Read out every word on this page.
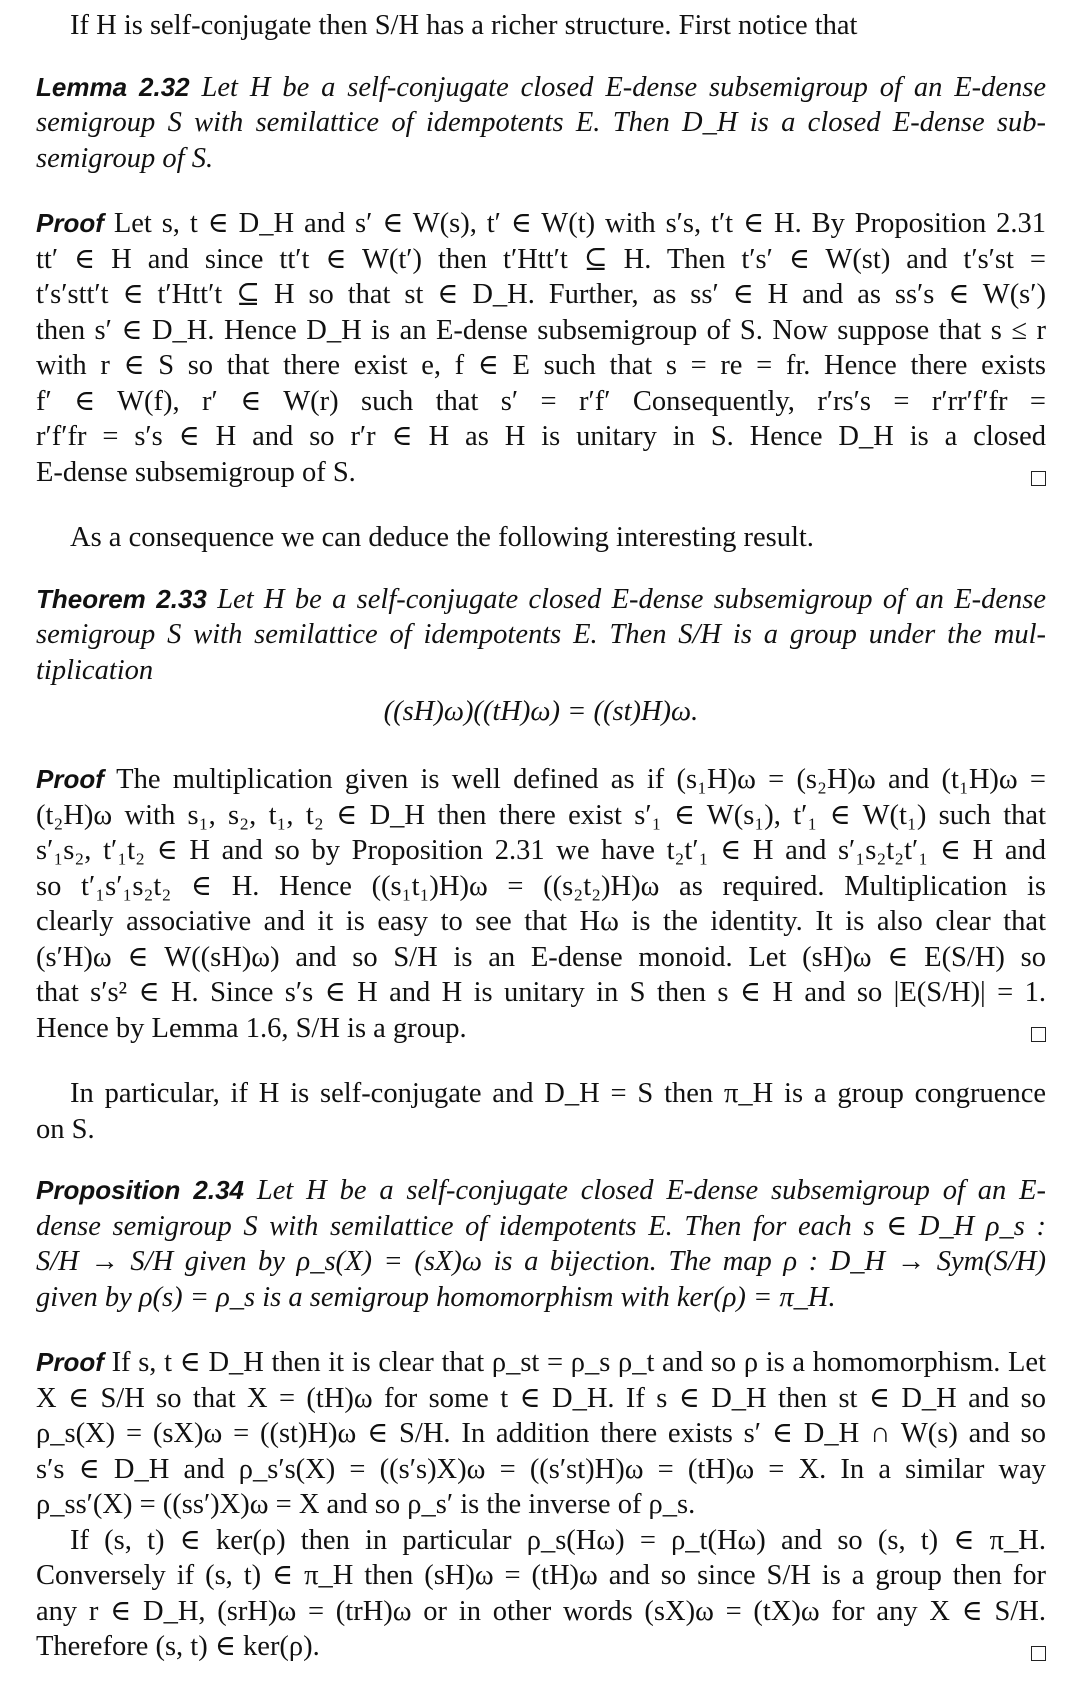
If H is self-conjugate then S/H has a richer structure. First notice that

Lemma 2.32 Let H be a self-conjugate closed E-dense subsemigroup of an E-dense
semigroup S with semilattice of idempotents E. Then D_H is a closed E-dense sub-
semigroup of S.
Proof Let s, t ∈ D_H and s′ ∈ W(s), t′ ∈ W(t) with s′s, t′t ∈ H. By Proposition 2.31
tt′ ∈ H and since tt′t ∈ W(t′) then t′Htt′t ⊆ H. Then t′s′ ∈ W(st) and t′s′st =
t′s′stt′t ∈ t′Htt′t ⊆ H so that st ∈ D_H. Further, as ss′ ∈ H and as ss′s ∈ W(s′)
then s′ ∈ D_H. Hence D_H is an E-dense subsemigroup of S. Now suppose that s ≤ r
with r ∈ S so that there exist e, f ∈ E such that s = re = fr. Hence there exists
f′ ∈ W(f), r′ ∈ W(r) such that s′ = r′f′ Consequently, r′rs′s = r′rr′f′fr =
r′f′fr = s′s ∈ H and so r′r ∈ H as H is unitary in S. Hence D_H is a closed
E-dense subsemigroup of S.

As a consequence we can deduce the following interesting result.

Theorem 2.33 Let H be a self-conjugate closed E-dense subsemigroup of an E-dense
semigroup S with semilattice of idempotents E. Then S/H is a group under the mul-
tiplication
((sH)ω)((tH)ω) = ((st)H)ω.
Proof The multiplication given is well defined as if (s₁H)ω = (s₂H)ω and (t₁H)ω =
(t₂H)ω with s₁, s₂, t₁, t₂ ∈ D_H then there exist s′₁ ∈ W(s₁), t′₁ ∈ W(t₁) such that
s′₁s₂, t′₁t₂ ∈ H and so by Proposition 2.31 we have t₂t′₁ ∈ H and s′₁s₂t₂t′₁ ∈ H and
so t′₁s′₁s₂t₂ ∈ H. Hence ((s₁t₁)H)ω = ((s₂t₂)H)ω as required. Multiplication is
clearly associative and it is easy to see that Hω is the identity. It is also clear that
(s′H)ω ∈ W((sH)ω) and so S/H is an E-dense monoid. Let (sH)ω ∈ E(S/H) so
that s′s² ∈ H. Since s′s ∈ H and H is unitary in S then s ∈ H and so |E(S/H)| = 1.
Hence by Lemma 1.6, S/H is a group.
In particular, if H is self-conjugate and D_H = S then π_H is a group congruence
on S.
Proposition 2.34 Let H be a self-conjugate closed E-dense subsemigroup of an E-
dense semigroup S with semilattice of idempotents E. Then for each s ∈ D_H ρ_s :
S/H → S/H given by ρ_s(X) = (sX)ω is a bijection. The map ρ : D_H → Sym(S/H)
given by ρ(s) = ρ_s is a semigroup homomorphism with ker(ρ) = π_H.
Proof If s, t ∈ D_H then it is clear that ρ_st = ρ_s ρ_t and so ρ is a homomorphism. Let
X ∈ S/H so that X = (tH)ω for some t ∈ D_H. If s ∈ D_H then st ∈ D_H and so
ρ_s(X) = (sX)ω = ((st)H)ω ∈ S/H. In addition there exists s′ ∈ D_H ∩ W(s) and so
s′s ∈ D_H and ρ_s′s(X) = ((s′s)X)ω = ((s′st)H)ω = (tH)ω = X. In a similar way
ρ_ss′(X) = ((ss′)X)ω = X and so ρ_s′ is the inverse of ρ_s.
If (s, t) ∈ ker(ρ) then in particular ρ_s(Hω) = ρ_t(Hω) and so (s, t) ∈ π_H.
Conversely if (s, t) ∈ π_H then (sH)ω = (tH)ω and so since S/H is a group then for
any r ∈ D_H, (srH)ω = (trH)ω or in other words (sX)ω = (tX)ω for any X ∈ S/H.
Therefore (s, t) ∈ ker(ρ).
